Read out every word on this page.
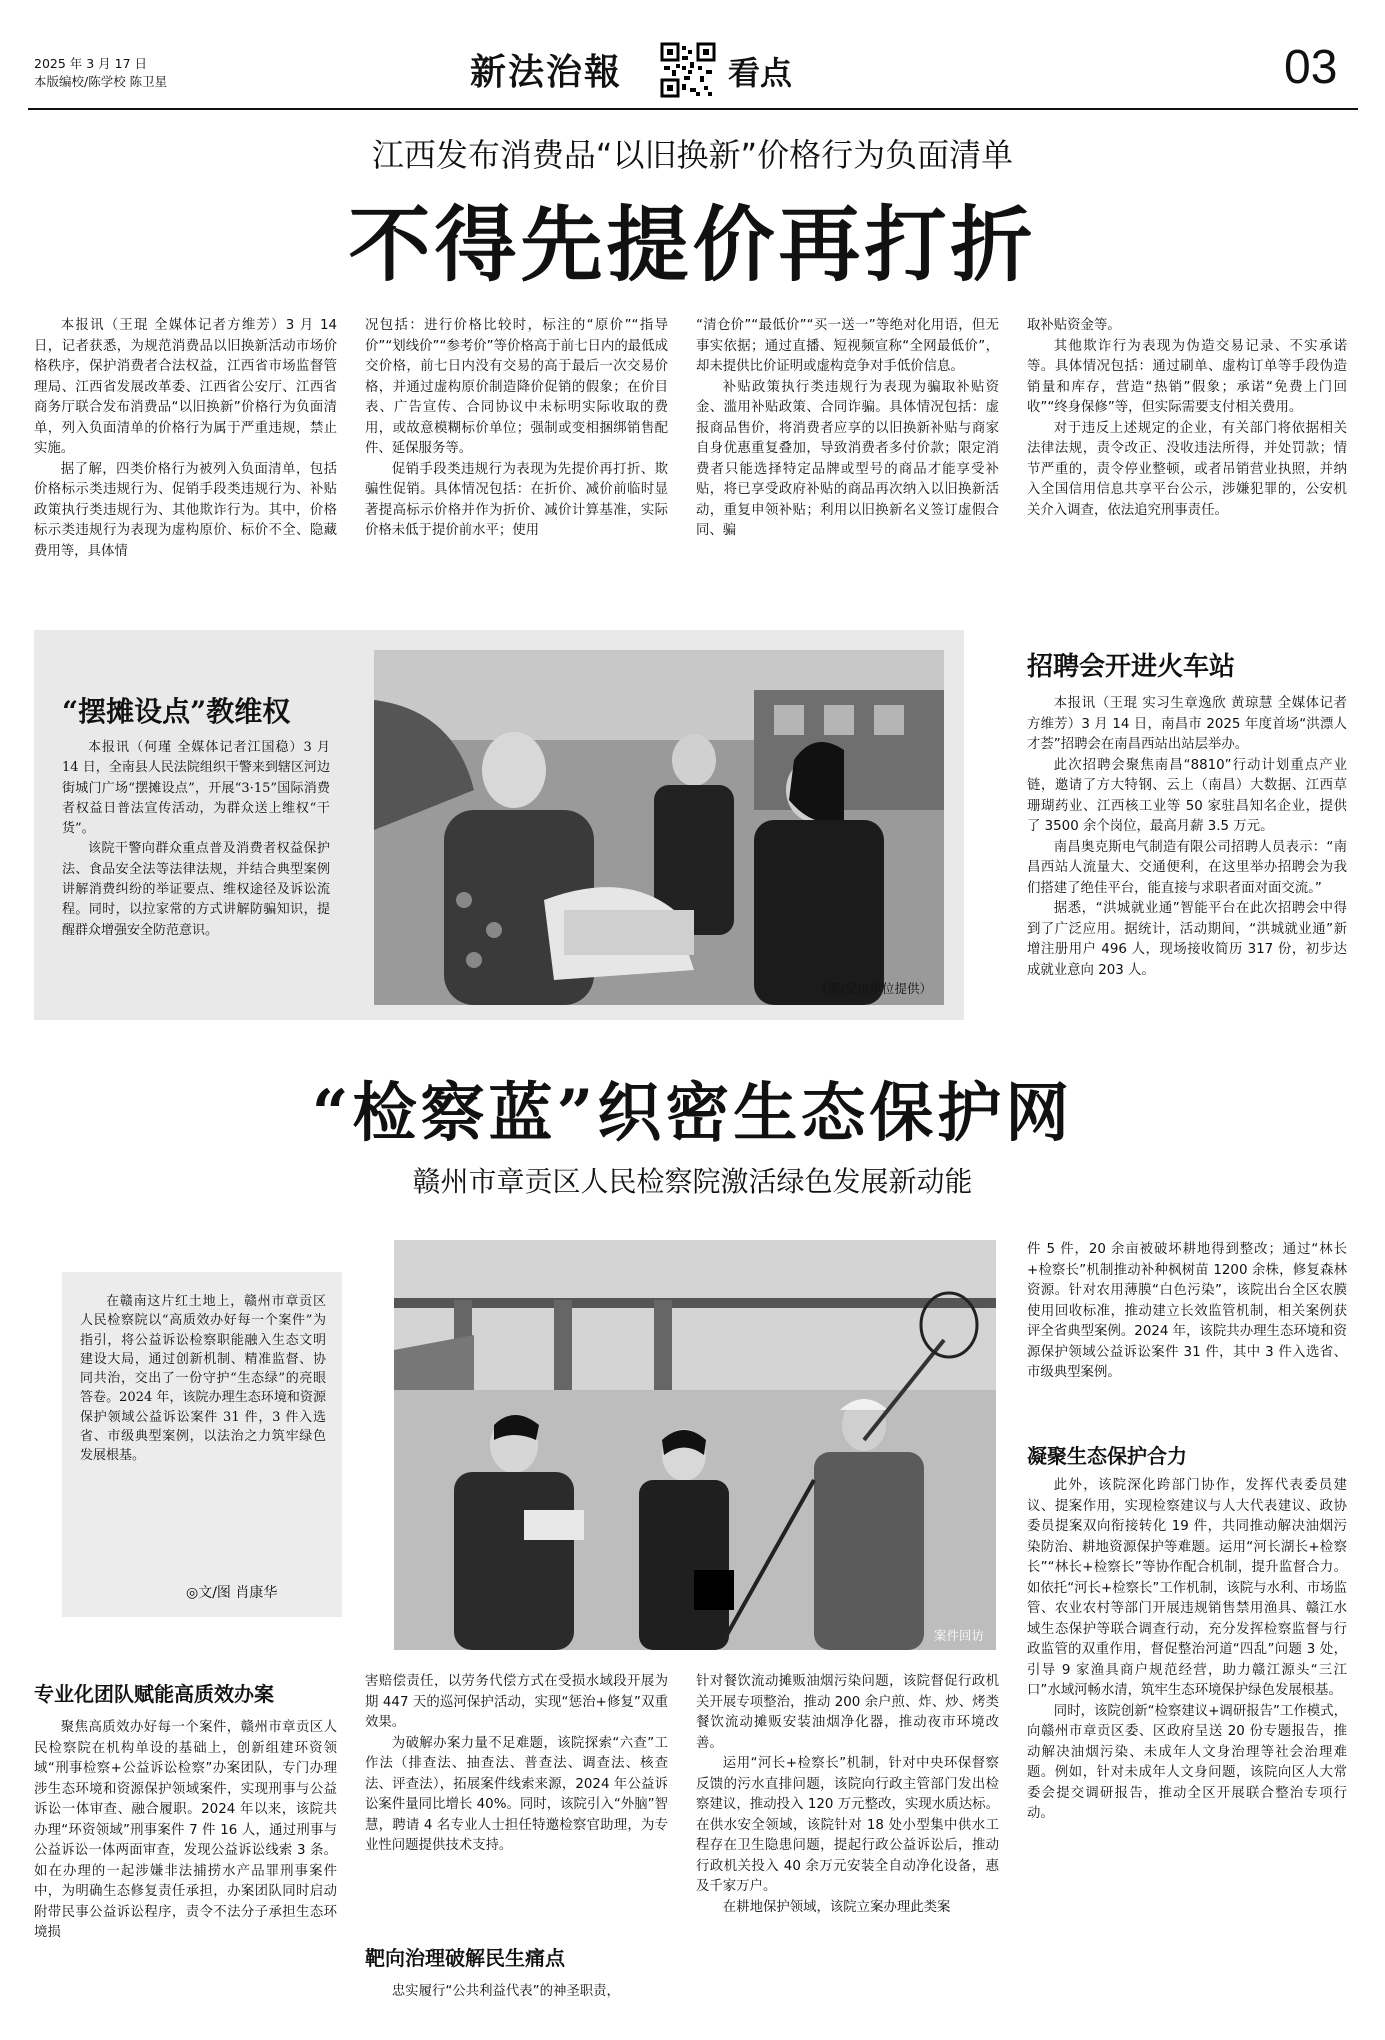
2025 年 3 月 17 日
本版编校/陈学校 陈卫星	新法治報	看点	03
江西发布消费品“以旧换新”价格行为负面清单
不得先提价再打折

本报讯（王琨 全媒体记者方维芳）3 月 14 日，记者获悉，为规范消费品以旧换新活动市场价格秩序，保护消费者合法权益，江西省市场监督管理局、江西省发展改革委、江西省公安厅、江西省商务厅联合发布消费品“以旧换新”价格行为负面清单，列入负面清单的价格行为属于严重违规，禁止实施。

据了解，四类价格行为被列入负面清单，包括价格标示类违规行为、促销手段类违规行为、补贴政策执行类违规行为、其他欺诈行为。其中，价格标示类违规行为表现为虚构原价、标价不全、隐藏费用等，具体情

况包括：进行价格比较时，标注的“原价”“指导价”“划线价”“参考价”等价格高于前七日内的最低成交价格，前七日内没有交易的高于最后一次交易价格，并通过虚构原价制造降价促销的假象；在价目表、广告宣传、合同协议中未标明实际收取的费用，或故意模糊标价单位；强制或变相捆绑销售配件、延保服务等。

促销手段类违规行为表现为先提价再打折、欺骗性促销。具体情况包括：在折价、减价前临时显著提高标示价格并作为折价、减价计算基准，实际价格未低于提价前水平；使用

“清仓价”“最低价”“买一送一”等绝对化用语，但无事实依据；通过直播、短视频宣称“全网最低价”，却未提供比价证明或虚构竞争对手低价信息。

补贴政策执行类违规行为表现为骗取补贴资金、滥用补贴政策、合同诈骗。具体情况包括：虚报商品售价，将消费者应享的以旧换新补贴与商家自身优惠重复叠加，导致消费者多付价款；限定消费者只能选择特定品牌或型号的商品才能享受补贴，将已享受政府补贴的商品再次纳入以旧换新活动，重复申领补贴；利用以旧换新名义签订虚假合同、骗

取补贴资金等。

其他欺诈行为表现为伪造交易记录、不实承诺等。具体情况包括：通过刷单、虚构订单等手段伪造销量和库存，营造“热销”假象；承诺“免费上门回收”“终身保修”等，但实际需要支付相关费用。

对于违反上述规定的企业，有关部门将依据相关法律法规，责令改正、没收违法所得，并处罚款；情节严重的，责令停业整顿，或者吊销营业执照，并纳入全国信用信息共享平台公示，涉嫌犯罪的，公安机关介入调查，依法追究刑事责任。

“摆摊设点”教维权

本报讯（何瑾 全媒体记者江国稳）3 月 14 日，全南县人民法院组织干警来到辖区河边街城门广场“摆摊设点”，开展“3·15”国际消费者权益日普法宣传活动，为群众送上维权“干货”。

该院干警向群众重点普及消费者权益保护法、食品安全法等法律法规，并结合典型案例讲解消费纠纷的举证要点、维权途径及诉讼流程。同时，以拉家常的方式讲解防骗知识，提醒群众增强安全防范意识。

（图/受访单位提供）
招聘会开进火车站

本报讯（王琨 实习生章逸欣 黄琼慧 全媒体记者方维芳）3 月 14 日，南昌市 2025 年度首场“洪漂人才荟”招聘会在南昌西站出站层举办。

此次招聘会聚焦南昌“8810”行动计划重点产业链，邀请了方大特钢、云上（南昌）大数据、江西草珊瑚药业、江西核工业等 50 家驻昌知名企业，提供了 3500 余个岗位，最高月薪 3.5 万元。

南昌奥克斯电气制造有限公司招聘人员表示：“南昌西站人流量大、交通便利，在这里举办招聘会为我们搭建了绝佳平台，能直接与求职者面对面交流。”

据悉，“洪城就业通”智能平台在此次招聘会中得到了广泛应用。据统计，活动期间，“洪城就业通”新增注册用户 496 人，现场接收简历 317 份，初步达成就业意向 203 人。

“检察蓝”织密生态保护网
赣州市章贡区人民检察院激活绿色发展新动能

在赣南这片红土地上，赣州市章贡区人民检察院以“高质效办好每一个案件”为指引，将公益诉讼检察职能融入生态文明建设大局，通过创新机制、精准监督、协同共治，交出了一份守护“生态绿”的亮眼答卷。2024 年，该院办理生态环境和资源保护领域公益诉讼案件 31 件，3 件入选省、市级典型案例，以法治之力筑牢绿色发展根基。

◎文/图 肖康华
案件回访

件 5 件，20 余亩被破坏耕地得到整改；通过“林长+检察长”机制推动补种枫树苗 1200 余株，修复森林资源。针对农用薄膜“白色污染”，该院出台全区农膜使用回收标准，推动建立长效监管机制，相关案例获评全省典型案例。2024 年，该院共办理生态环境和资源保护领域公益诉讼案件 31 件，其中 3 件入选省、市级典型案例。

凝聚生态保护合力

此外，该院深化跨部门协作，发挥代表委员建议、提案作用，实现检察建议与人大代表建议、政协委员提案双向衔接转化 19 件，共同推动解决油烟污染防治、耕地资源保护等难题。运用“河长湖长+检察长”“林长+检察长”等协作配合机制，提升监督合力。如依托“河长+检察长”工作机制，该院与水利、市场监管、农业农村等部门开展违规销售禁用渔具、赣江水域生态保护等联合调查行动，充分发挥检察监督与行政监管的双重作用，督促整治河道“四乱”问题 3 处，引导 9 家渔具商户规范经营，助力赣江源头“三江口”水域河畅水清，筑牢生态环境保护绿色发展根基。

同时，该院创新“检察建议+调研报告”工作模式，向赣州市章贡区委、区政府呈送 20 份专题报告，推动解决油烟污染、未成年人文身治理等社会治理难题。例如，针对未成年人文身问题，该院向区人大常委会提交调研报告，推动全区开展联合整治专项行动。

专业化团队赋能高质效办案

聚焦高质效办好每一个案件，赣州市章贡区人民检察院在机构单设的基础上，创新组建环资领域“刑事检察+公益诉讼检察”办案团队，专门办理涉生态环境和资源保护领域案件，实现刑事与公益诉讼一体审查、融合履职。2024 年以来，该院共办理“环资领域”刑事案件 7 件 16 人，通过刑事与公益诉讼一体两面审查，发现公益诉讼线索 3 条。如在办理的一起涉嫌非法捕捞水产品罪刑事案件中，为明确生态修复责任承担，办案团队同时启动附带民事公益诉讼程序，责令不法分子承担生态环境损

害赔偿责任，以劳务代偿方式在受损水域段开展为期 447 天的巡河保护活动，实现“惩治+修复”双重效果。

为破解办案力量不足难题，该院探索“六查”工作法（排查法、抽查法、普查法、调查法、核查法、评查法），拓展案件线索来源，2024 年公益诉讼案件量同比增长 40%。同时，该院引入“外脑”智慧，聘请 4 名专业人士担任特邀检察官助理，为专业性问题提供技术支持。

靶向治理破解民生痛点

忠实履行“公共利益代表”的神圣职责，

针对餐饮流动摊贩油烟污染问题，该院督促行政机关开展专项整治，推动 200 余户煎、炸、炒、烤类餐饮流动摊贩安装油烟净化器，推动夜市环境改善。

运用“河长+检察长”机制，针对中央环保督察反馈的污水直排问题，该院向行政主管部门发出检察建议，推动投入 120 万元整改，实现水质达标。在供水安全领域，该院针对 18 处小型集中供水工程存在卫生隐患问题，提起行政公益诉讼后，推动行政机关投入 40 余万元安装全自动净化设备，惠及千家万户。

在耕地保护领域，该院立案办理此类案
